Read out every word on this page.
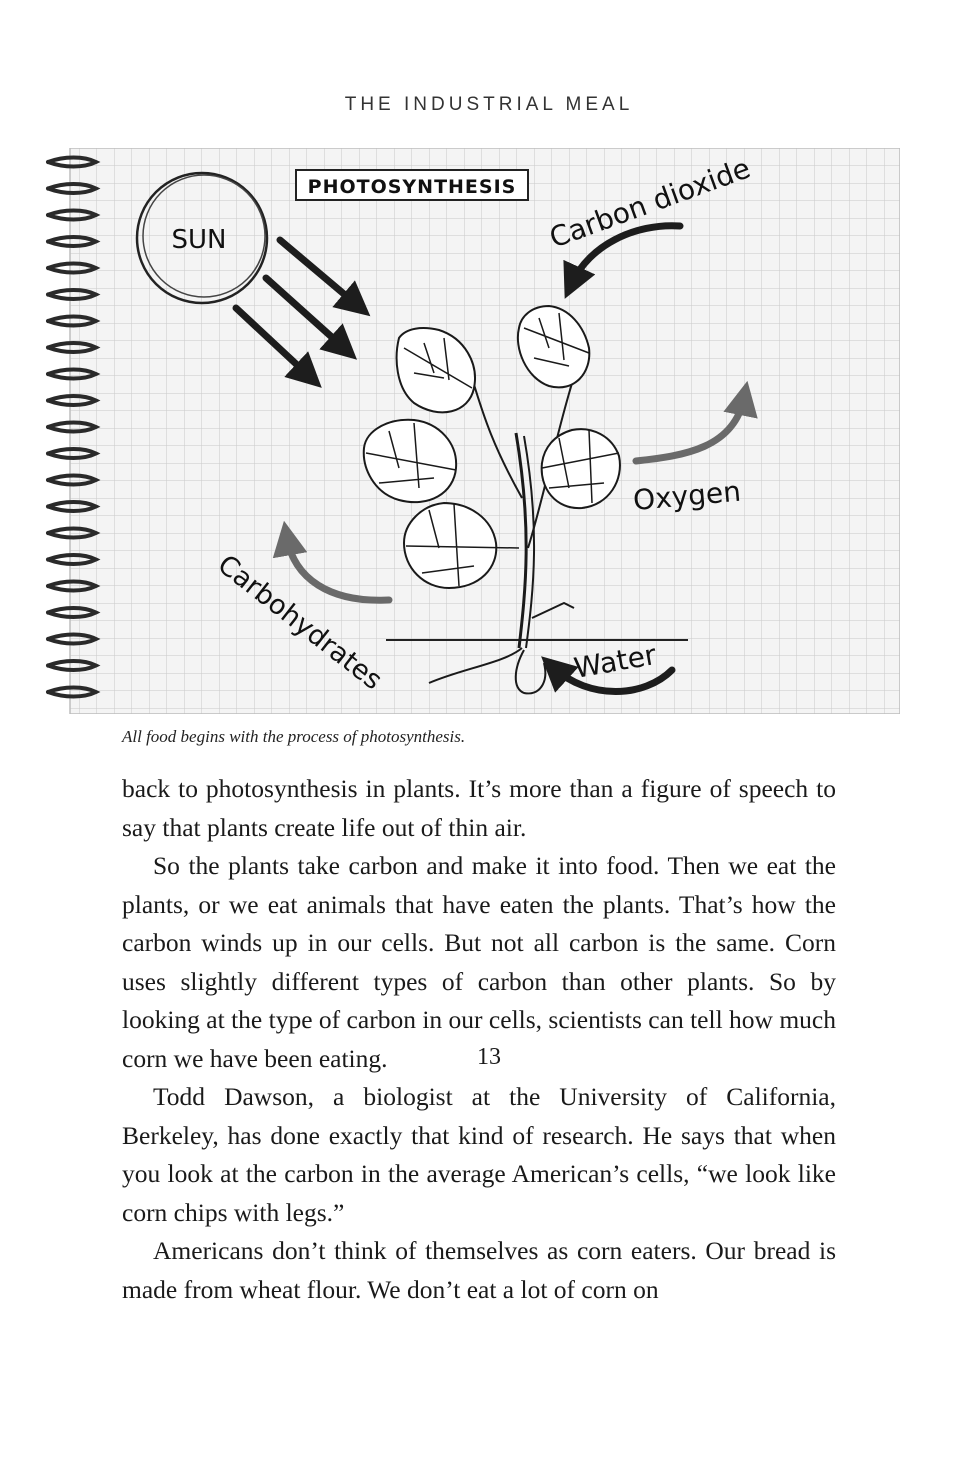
THE INDUSTRIAL MEAL
PHOTOSYNTHESIS
SUN	Carbon dioxide
Oxygen
Carbohydrates	Water
All food begins with the process of photosynthesis.

back to photosynthesis in plants. It’s more than a figure of speech to say that plants create life out of thin air.

So the plants take carbon and make it into food. Then we eat the plants, or we eat animals that have eaten the plants. That’s how the carbon winds up in our cells. But not all carbon is the same. Corn uses slightly different types of carbon than other plants. So by looking at the type of carbon in our cells, scientists can tell how much corn we have been eating.

Todd Dawson, a biologist at the University of California, Berkeley, has done exactly that kind of research. He says that when you look at the carbon in the average American’s cells, “we look like corn chips with legs.”

Americans don’t think of themselves as corn eaters. Our bread is made from wheat flour. We don’t eat a lot of corn on

13
